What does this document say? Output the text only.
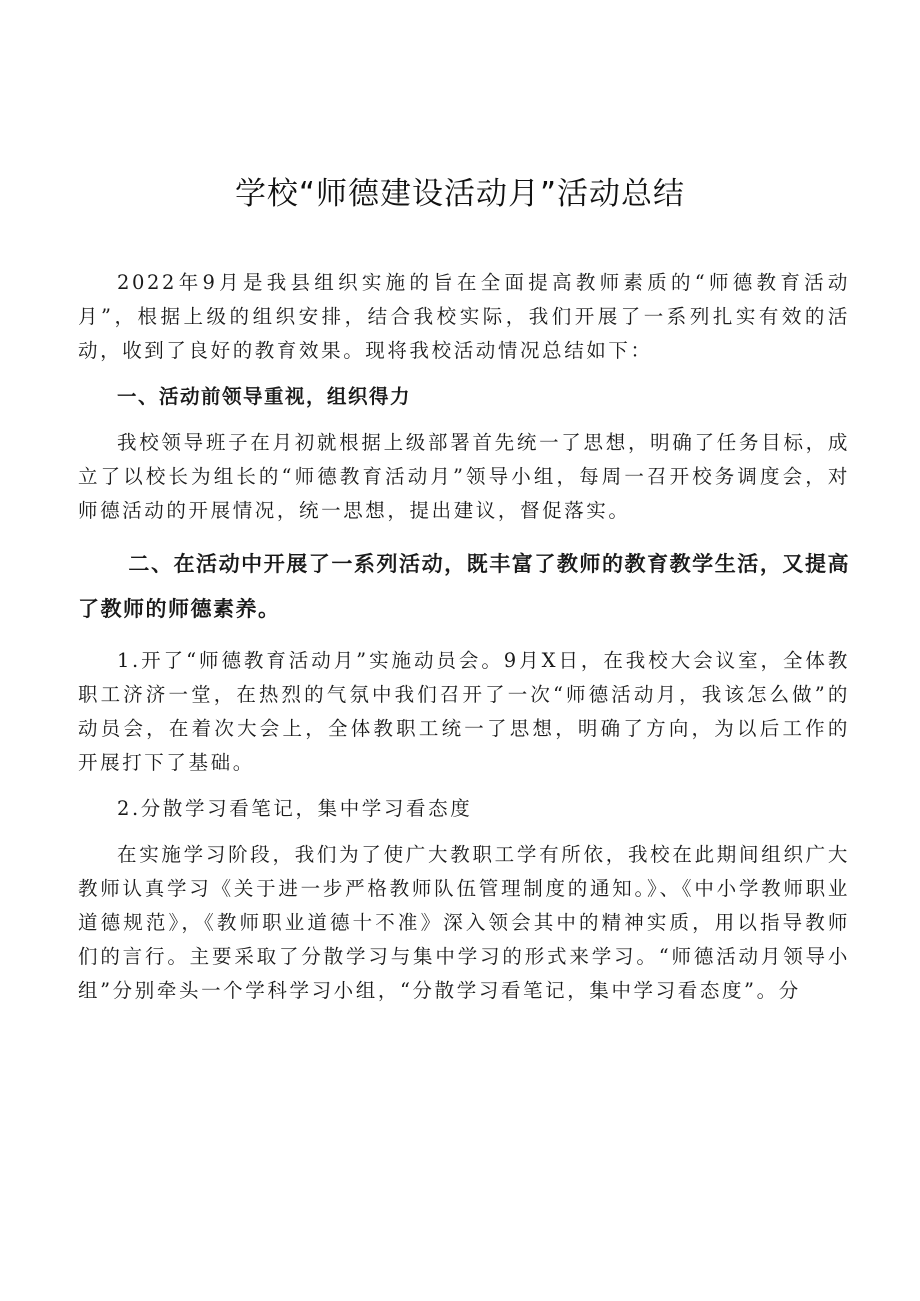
学校“师德建设活动月”活动总结

2022年9月是我县组织实施的旨在全面提高教师素质的“师德教育活动月”，根据上级的组织安排，结合我校实际，我们开展了一系列扎实有效的活动，收到了良好的教育效果。现将我校活动情况总结如下：

一、活动前领导重视，组织得力

我校领导班子在月初就根据上级部署首先统一了思想，明确了任务目标，成立了以校长为组长的“师德教育活动月”领导小组，每周一召开校务调度会，对师德活动的开展情况，统一思想，提出建议，督促落实。

二、在活动中开展了一系列活动，既丰富了教师的教育教学生活，又提高了教师的师德素养。

1.开了“师德教育活动月”实施动员会。9月X日，在我校大会议室，全体教职工济济一堂，在热烈的气氛中我们召开了一次“师德活动月，我该怎么做”的动员会，在着次大会上，全体教职工统一了思想，明确了方向，为以后工作的开展打下了基础。

2.分散学习看笔记，集中学习看态度

在实施学习阶段，我们为了使广大教职工学有所依，我校在此期间组织广大教师认真学习《关于进一步严格教师队伍管理制度的通知。》、《中小学教师职业道德规范》，《教师职业道德十不准》深入领会其中的精神实质，用以指导教师们的言行。主要采取了分散学习与集中学习的形式来学习。“师德活动月领导小组”分别牵头一个学科学习小组，“分散学习看笔记，集中学习看态度”。分
